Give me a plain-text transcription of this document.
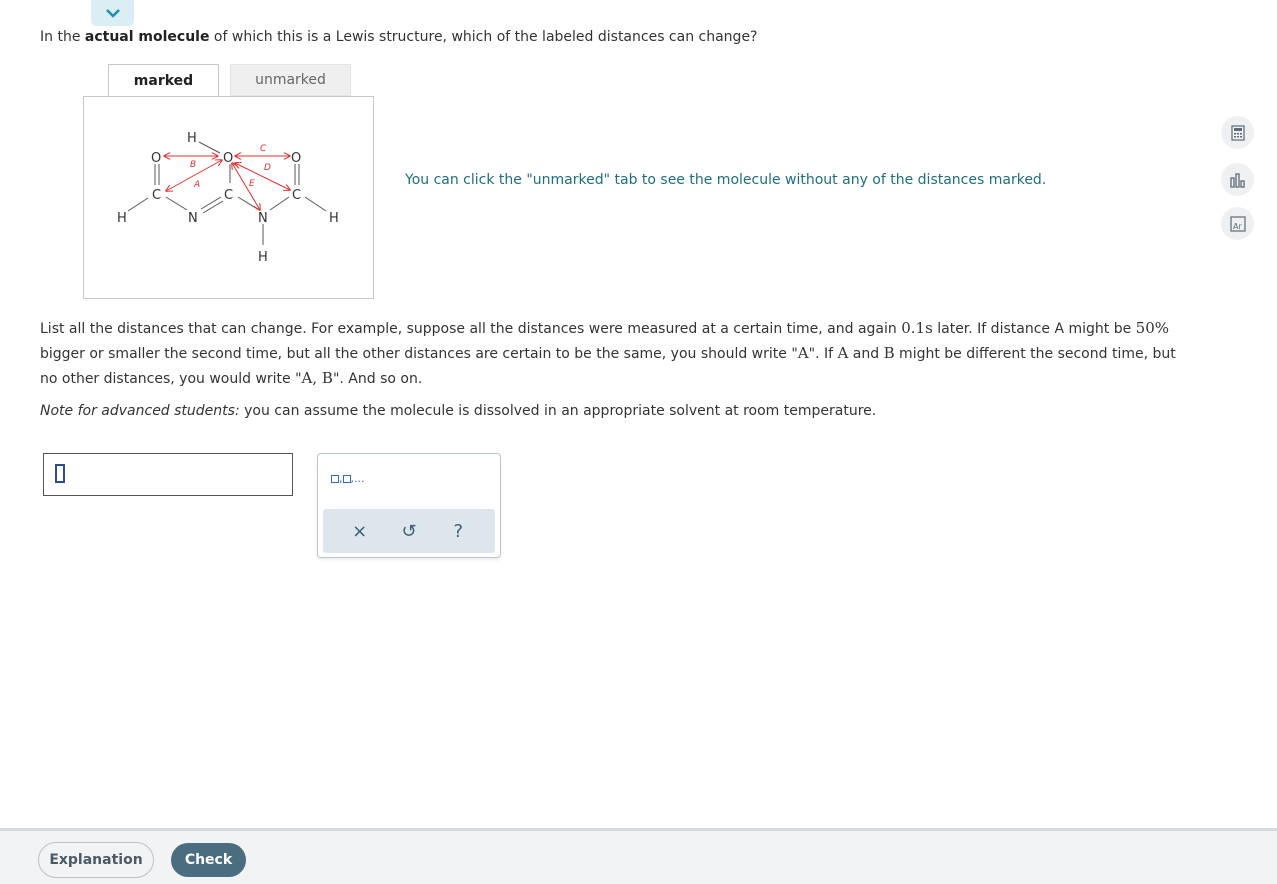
In the actual molecule of which this is a Lewis structure, which of the labeled distances can change?
marked	unmarked
B
A
C
D
E
H
O	O	O
C	C	C
N	N
H	H
H
You can click the "unmarked" tab to see the molecule without any of the distances marked.
List all the distances that can change. For example, suppose all the distances were measured at a certain time, and again 0.1s later. If distance A might be 50% bigger or smaller the second time, but all the other distances are certain to be the same, you should write "A". If A and B might be different the second time, but no other distances, you would write "A, B". And so on.
Note for advanced students: you can assume the molecule is dissolved in an appropriate solvent at room temperature.
, ,...
×	↺	?
Ar
Explanation	Check
